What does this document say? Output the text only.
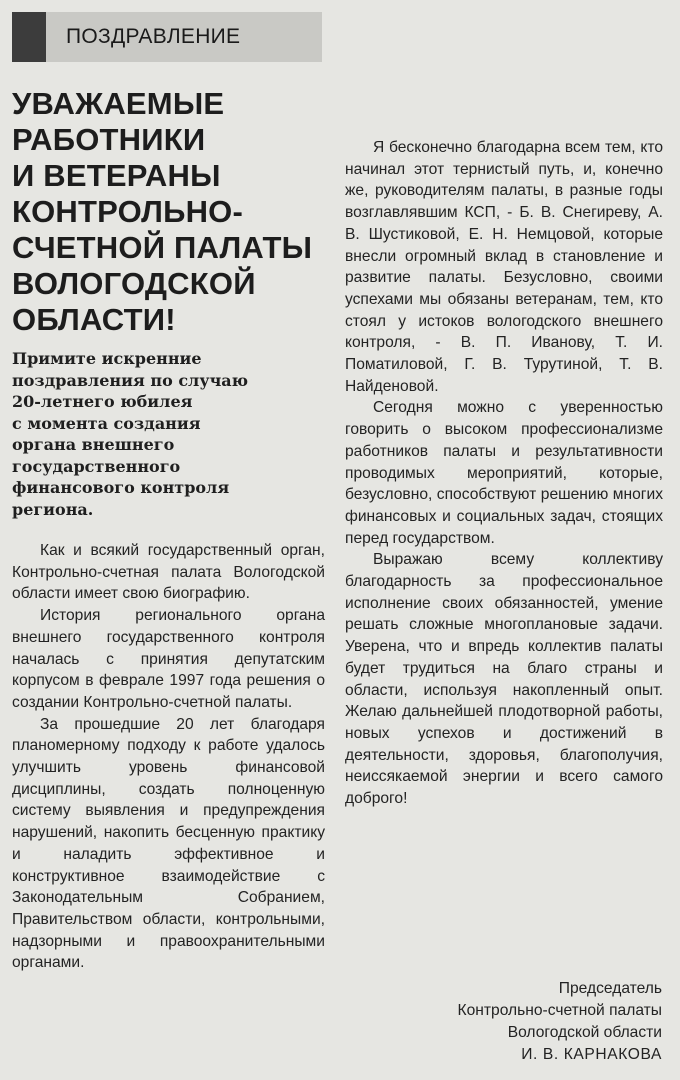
ПОЗДРАВЛЕНИЕ
УВАЖАЕМЫЕ
РАБОТНИКИ
И ВЕТЕРАНЫ
КОНТРОЛЬНО-
СЧЕТНОЙ ПАЛАТЫ
ВОЛОГОДСКОЙ
ОБЛАСТИ!
Примите искренние
поздравления по случаю
20-летнего юбилея
с момента создания
органа внешнего
государственного
финансового контроля
региона.

Как и всякий государственный орган, Контрольно-счетная палата Вологодской области имеет свою биографию.

История регионального органа внешнего государственного контроля началась с принятия депутатским корпусом в феврале 1997 года решения о создании Контрольно-счетной палаты.

За прошедшие 20 лет благодаря планомерному подходу к работе удалось улучшить уровень финансовой дисциплины, создать полноценную систему выявления и предупреждения нарушений, накопить бесценную практику и наладить эффективное и конструктивное взаимодействие с Законодательным Собранием, Правительством области, контрольными, надзорными и правоохранительными органами.

Я бесконечно благодарна всем тем, кто начинал этот тернистый путь, и, конечно же, руководителям палаты, в разные годы возглавлявшим КСП, - Б. В. Снегиреву, А. В. Шустиковой, Е. Н. Немцовой, которые внесли огромный вклад в становление и развитие палаты. Безусловно, своими успехами мы обязаны ветеранам, тем, кто стоял у истоков вологодского внешнего контроля, - В. П. Иванову, Т. И. Поматиловой, Г. В. Турутиной, Т. В. Найденовой.

Сегодня можно с уверенностью говорить о высоком профессионализме работников палаты и результативности проводимых мероприятий, которые, безусловно, способствуют решению многих финансовых и социальных задач, стоящих перед государством.

Выражаю всему коллективу благодарность за профессиональное исполнение своих обязанностей, умение решать сложные многоплановые задачи. Уверена, что и впредь коллектив палаты будет трудиться на благо страны и области, используя накопленный опыт. Желаю дальнейшей плодотворной работы, новых успехов и достижений в деятельности, здоровья, благополучия, неиссякаемой энергии и всего самого доброго!

Председатель
Контрольно-счетной палаты
Вологодской области
И. В. КАРНАКОВА
